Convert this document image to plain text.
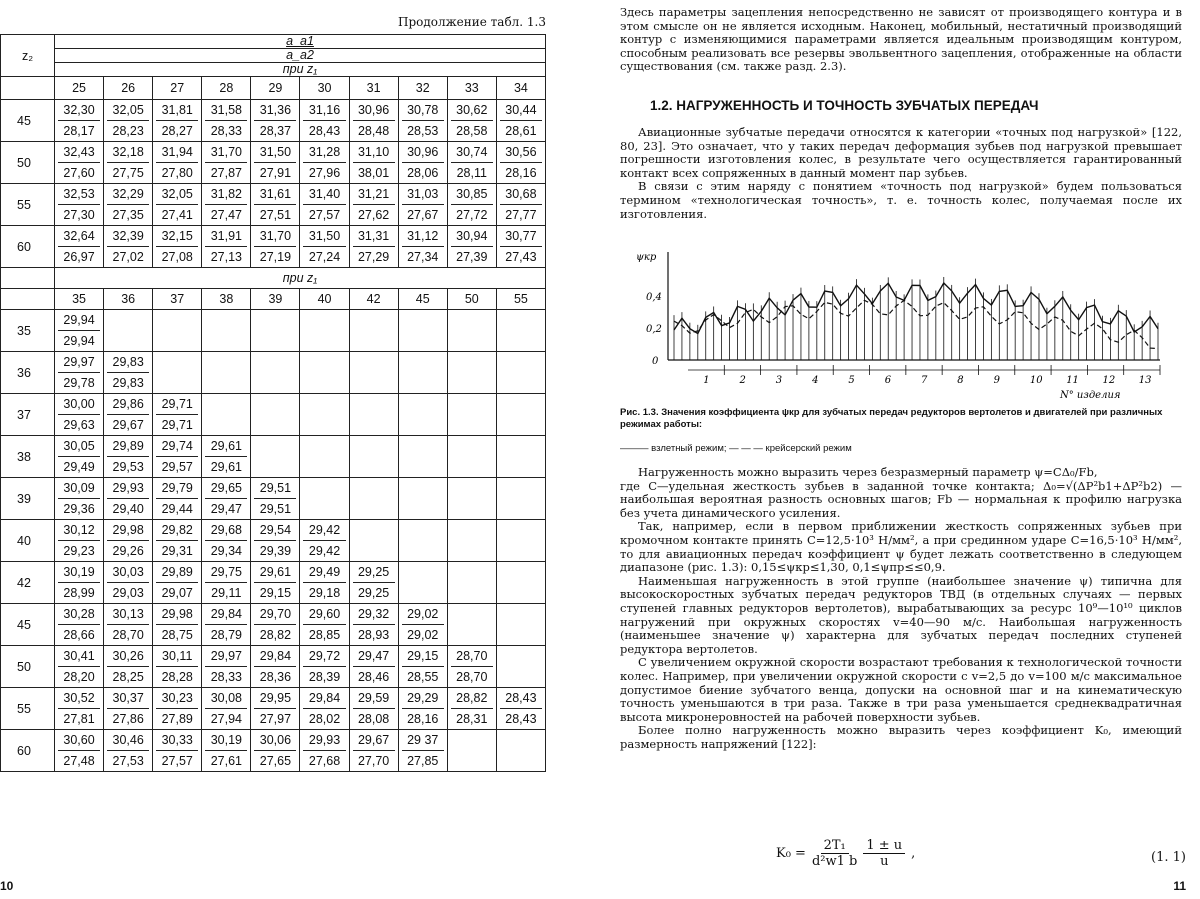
Продолжение табл. 1.3
z₂	a_a1
a_a2
при z₁
	25	26	27	28	29	30	31	32	33	34
45	
32,30
28,17

32,05
28,23

31,81
28,27

31,58
28,33

31,36
28,37

31,16
28,43

30,96
28,48

30,78
28,53

30,62
28,58

30,44
28,61

50	
32,43
27,60

32,18
27,75

31,94
27,80

31,70
27,87

31,50
27,91

31,28
27,96

31,10
38,01

30,96
28,06

30,74
28,11

30,56
28,16

55	
32,53
27,30

32,29
27,35

32,05
27,41

31,82
27,47

31,61
27,51

31,40
27,57

31,21
27,62

31,03
27,67

30,85
27,72

30,68
27,77

60	
32,64
26,97

32,39
27,02

32,15
27,08

31,91
27,13

31,70
27,19

31,50
27,24

31,31
27,29

31,12
27,34

30,94
27,39

30,77
27,43

	при z₁
	35	36	37	38	39	40	42	45	50	55
35	
29,94
29,94

36	
29,97
29,78

29,83
29,83

37	
30,00
29,63

29,86
29,67

29,71
29,71

38	
30,05
29,49

29,89
29,53

29,74
29,57

29,61
29,61

39	
30,09
29,36

29,93
29,40

29,79
29,44

29,65
29,47

29,51
29,51

40	
30,12
29,23

29,98
29,26

29,82
29,31

29,68
29,34

29,54
29,39

29,42
29,42

42	
30,19
28,99

30,03
29,03

29,89
29,07

29,75
29,11

29,61
29,15

29,49
29,18

29,25
29,25

45	
30,28
28,66

30,13
28,70

29,98
28,75

29,84
28,79

29,70
28,82

29,60
28,85

29,32
28,93

29,02
29,02

50	
30,41
28,20

30,26
28,25

30,11
28,28

29,97
28,33

29,84
28,36

29,72
28,39

29,47
28,46

29,15
28,55

28,70
28,70

55	
30,52
27,81

30,37
27,86

30,23
27,89

30,08
27,94

29,95
27,97

29,84
28,02

29,59
28,08

29,29
28,16

28,82
28,31

28,43
28,43

60	
30,60
27,48

30,46
27,53

30,33
27,57

30,19
27,61

30,06
27,65

29,93
27,68

29,67
27,70

29 37
27,85

10
Здесь параметры зацепления непосредственно не зависят от производящего контура и в этом смысле он не является исходным. Наконец, мобильный, нестатичный производящий контур с изменяющимися параметрами является идеальным производящим контуром, способным реализовать все резервы эвольвентного зацепления, отображенные на области существования (см. также разд. 2.3).
1.2. НАГРУЖЕННОСТЬ И ТОЧНОСТЬ ЗУБЧАТЫХ ПЕРЕДАЧ

Авиационные зубчатые передачи относятся к категории «точных под нагрузкой» [122, 80, 23]. Это означает, что у таких передач деформация зубьев под нагрузкой превышает погрешности изготовления колес, в результате чего осуществляется гарантированный контакт всех сопряженных в данный момент пар зубьев.

В связи с этим наряду с понятием «точность под нагрузкой» будем пользоваться термином «технологическая точность», т. е. точность колес, получаемая после их изготовления.

ψкр
0,4
0,2
0
1	2	3	4	5	6	7	8	9	10 11 12 13
N° изделия
Рис. 1.3. Значения коэффициента ψкр для зубчатых передач редукторов вертолетов и двигателей при различных режимах работы:
——— взлетный режим; — — — крейсерский режим

Нагруженность можно выразить через безразмерный параметр ψ=CΔ₀/Fb,

где C—удельная жесткость зубьев в заданной точке контакта; Δ₀=√(ΔP²b1+ΔP²b2) — наибольшая вероятная разность основных шагов; Fb — нормальная к профилю нагрузка без учета динамического усиления.

Так, например, если в первом приближении жесткость сопряженных зубьев при кромочном контакте принять C=12,5·10³ Н/мм², а при срединном ударе C=16,5·10³ Н/мм², то для авиационных передач коэффициент ψ будет лежать соответственно в следующем диапазоне (рис. 1.3): 0,15≤ψкр≤1,30, 0,1≤ψпр≤≤0,9.

Наименьшая нагруженность в этой группе (наибольшее значение ψ) типична для высокоскоростных зубчатых передач редукторов ТВД (в отдельных случаях — первых ступеней главных редукторов вертолетов), вырабатывающих за ресурс 10⁹—10¹⁰ циклов нагружений при окружных скоростях v=40—90 м/с. Наибольшая нагруженность (наименьшее значение ψ) характерна для зубчатых передач последних ступеней редуктора вертолетов.

С увеличением окружной скорости возрастают требования к технологической точности колес. Например, при увеличении окружной скорости с v=2,5 до v=100 м/с максимальное допустимое биение зубчатого венца, допуски на основной шаг и на кинематическую точность уменьшаются в три раза. Также в три раза уменьшается среднеквадратичная высота микронеровностей на рабочей поверхности зубьев.

Более полно нагруженность можно выразить через коэффициент K₀, имеющий размерность напряжений [122]:

K₀ =
2T₁
d²w1 b
1 ± u
u
,	(1. 1)
11
